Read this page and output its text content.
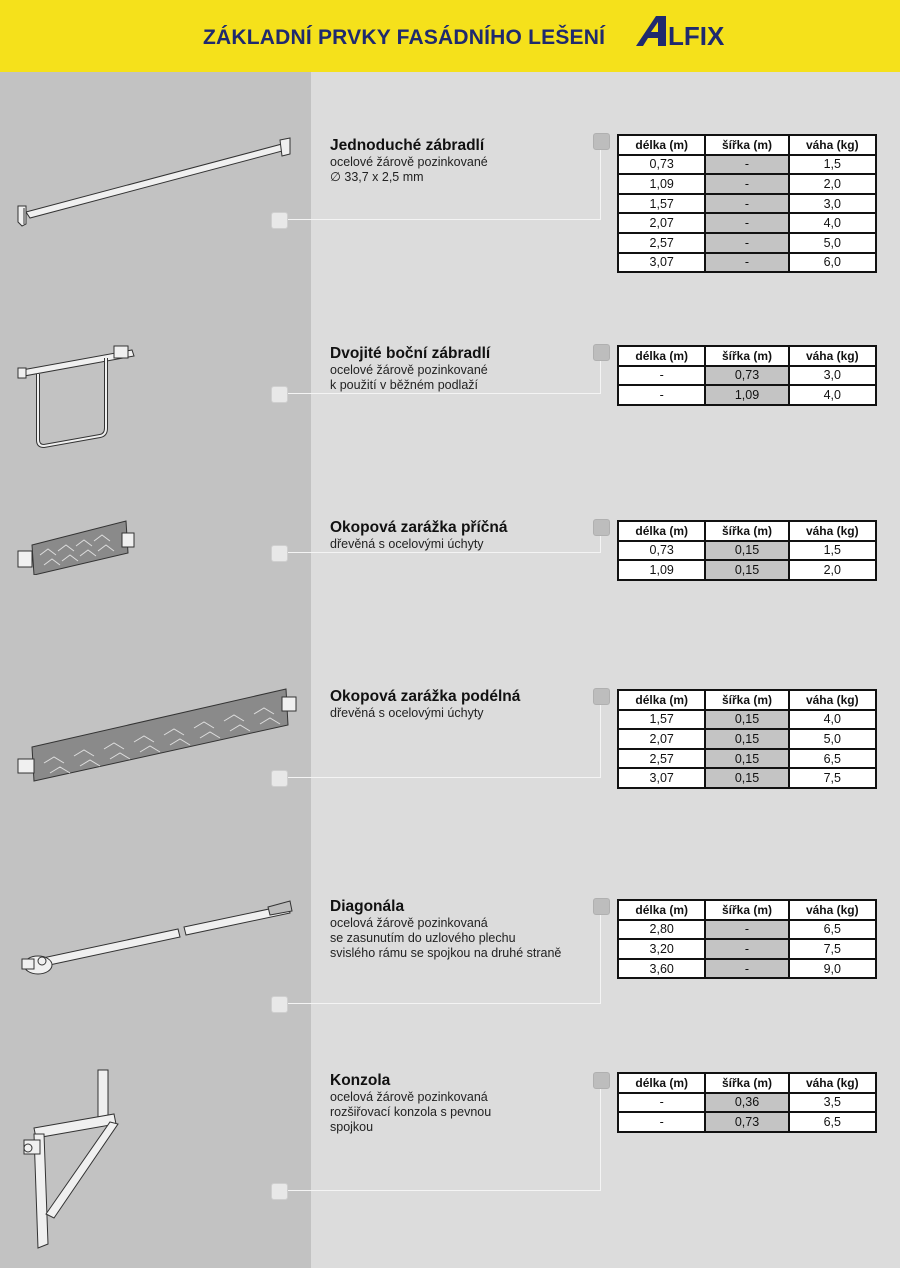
ZÁKLADNÍ PRVKY FASÁDNÍHO LEŠENÍ LFIX
Jednoduché zábradlí
ocelové žárově pozinkované
∅ 33,7 x 2,5 mm
délka (m)	šířka (m)	váha (kg)
0,73	-	1,5
1,09	-	2,0
1,57	-	3,0
2,07	-	4,0
2,57	-	5,0
3,07	-	6,0
Dvojité boční zábradlí
ocelové žárově pozinkované
k použití v běžném podlaží
délka (m)	šířka (m)	váha (kg)
-	0,73	3,0
-	1,09	4,0
Okopová zarážka příčná
dřevěná s ocelovými úchyty
délka (m)	šířka (m)	váha (kg)
0,73	0,15	1,5
1,09	0,15	2,0
Okopová zarážka podélná
dřevěná s ocelovými úchyty
délka (m)	šířka (m)	váha (kg)
1,57	0,15	4,0
2,07	0,15	5,0
2,57	0,15	6,5
3,07	0,15	7,5
Diagonála
ocelová žárově pozinkovaná
se zasunutím do uzlového plechu
svislého rámu se spojkou na druhé straně
délka (m)	šířka (m)	váha (kg)
2,80	-	6,5
3,20	-	7,5
3,60	-	9,0
Konzola
ocelová žárově pozinkovaná
rozšiřovací konzola s pevnou
spojkou
délka (m)	šířka (m)	váha (kg)
-	0,36	3,5
-	0,73	6,5
